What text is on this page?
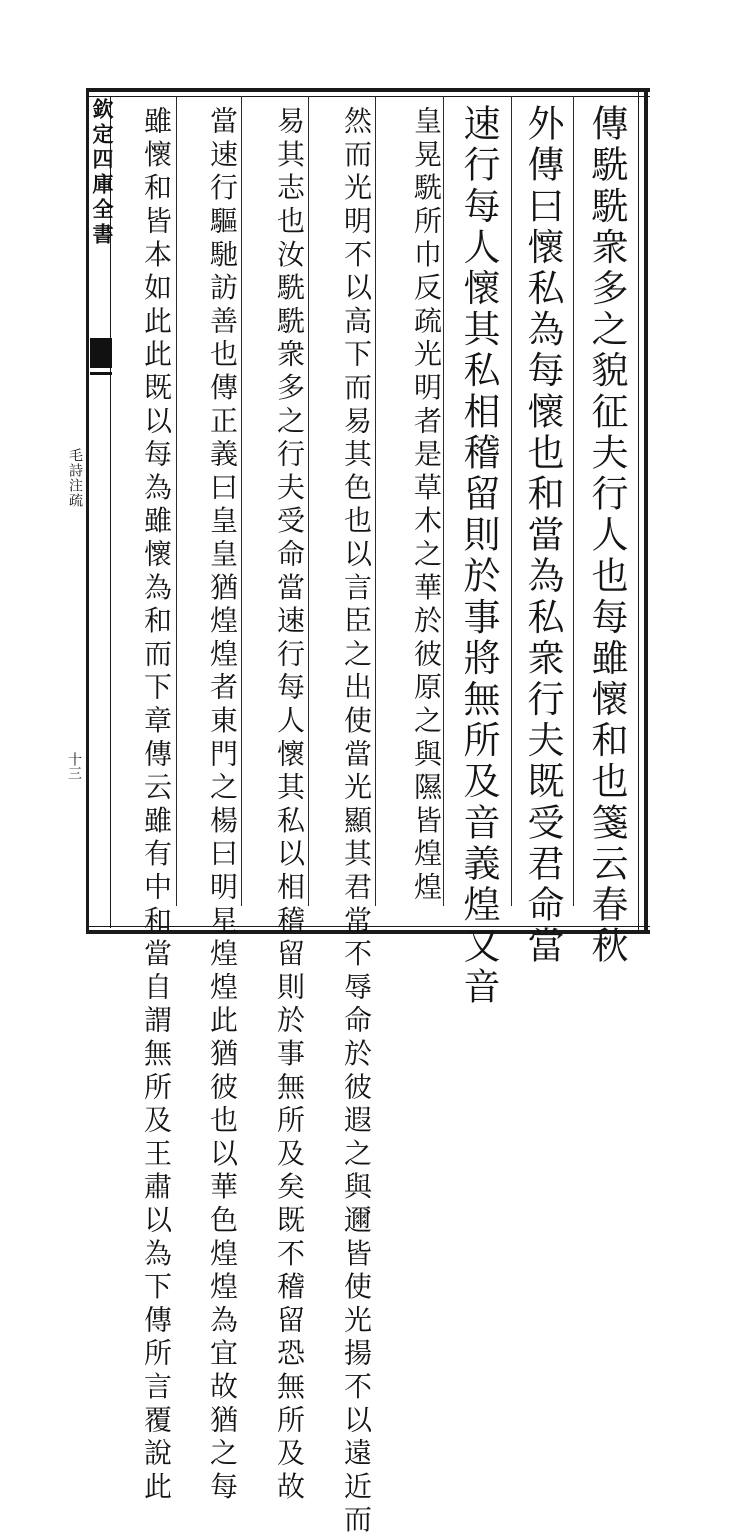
欽定四庫全書
毛詩注疏
十三	傳駪駪衆多之貌征夫行人也每雖懷和也箋云春秋
外傳曰懷私為每懷也和當為私衆行夫既受君命當
速行每人懷其私相稽留則於事將無所及音義煌又音
皇晃駪所巾反疏光明者是草木之華於彼原之與隰皆煌煌
然而光明不以高下而易其色也以言臣之出使當光顯其君常不辱命於彼遐之與邇皆使光揚不以遠近而
易其志也汝駪駪衆多之行夫受命當速行每人懷其私以相稽留則於事無所及矣既不稽留恐無所及故
當速行驅馳訪善也傳正義曰皇皇猶煌煌者東門之楊曰明星煌煌此猶彼也以華色煌煌為宜故猶之每
雖懷和皆本如此此既以每為雖懷為和而下章傳云雖有中和當自謂無所及王肅以為下傳所言覆說此
